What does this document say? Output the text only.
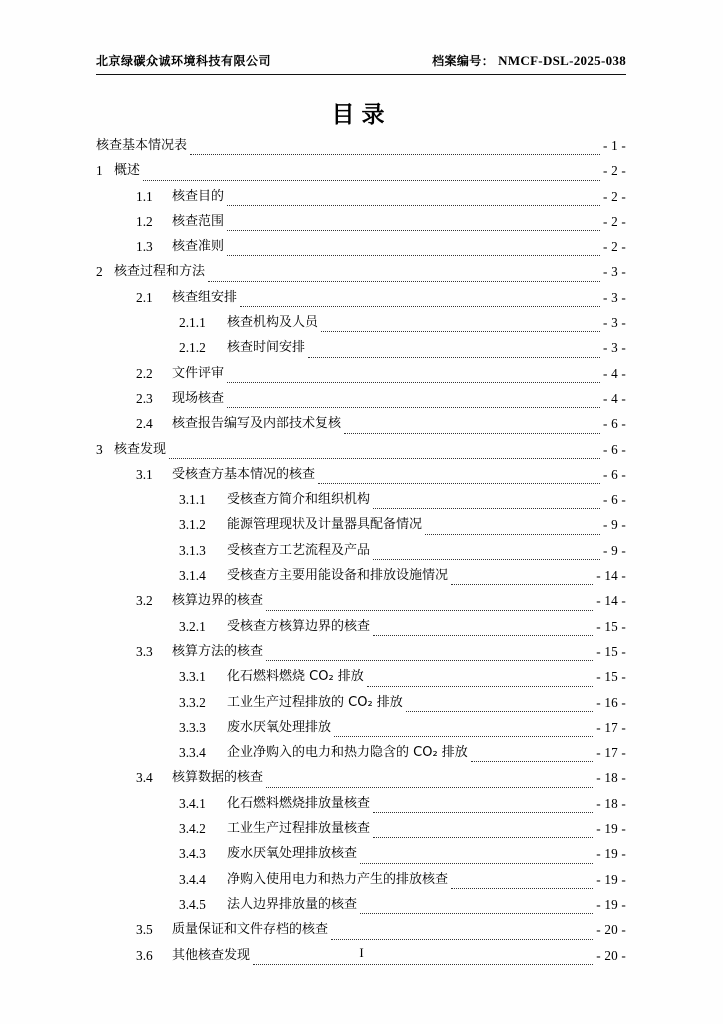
北京绿碳众诚环境科技有限公司	档案编号： NMCF-DSL-2025-038
目录
核查基本情况表	- 1 -
1 概述	- 2 -
1.1	核查目的	- 2 -
1.2	核查范围	- 2 -
1.3	核查准则	- 2 -
2 核查过程和方法	- 3 -
2.1	核查组安排	- 3 -
2.1.1	核查机构及人员	- 3 -
2.1.2	核查时间安排	- 3 -
2.2	文件评审	- 4 -
2.3	现场核查	- 4 -
2.4	核查报告编写及内部技术复核	- 6 -
3 核查发现	- 6 -
3.1	受核查方基本情况的核查	- 6 -
3.1.1	受核查方简介和组织机构	- 6 -
3.1.2	能源管理现状及计量器具配备情况	- 9 -
3.1.3	受核查方工艺流程及产品	- 9 -
3.1.4	受核查方主要用能设备和排放设施情况	- 14 -
3.2	核算边界的核查	- 14 -
3.2.1	受核查方核算边界的核查	- 15 -
3.3	核算方法的核查	- 15 -
3.3.1	化石燃料燃烧 CO₂ 排放	- 15 -
3.3.2	工业生产过程排放的 CO₂ 排放	- 16 -
3.3.3	废水厌氧处理排放	- 17 -
3.3.4	企业净购入的电力和热力隐含的 CO₂ 排放	- 17 -
3.4	核算数据的核查	- 18 -
3.4.1	化石燃料燃烧排放量核查	- 18 -
3.4.2	工业生产过程排放量核查	- 19 -
3.4.3	废水厌氧处理排放核查	- 19 -
3.4.4	净购入使用电力和热力产生的排放核查	- 19 -
3.4.5	法人边界排放量的核查	- 19 -
3.5	质量保证和文件存档的核查	- 20 -
3.6	其他核查发现	- 20 -
I
